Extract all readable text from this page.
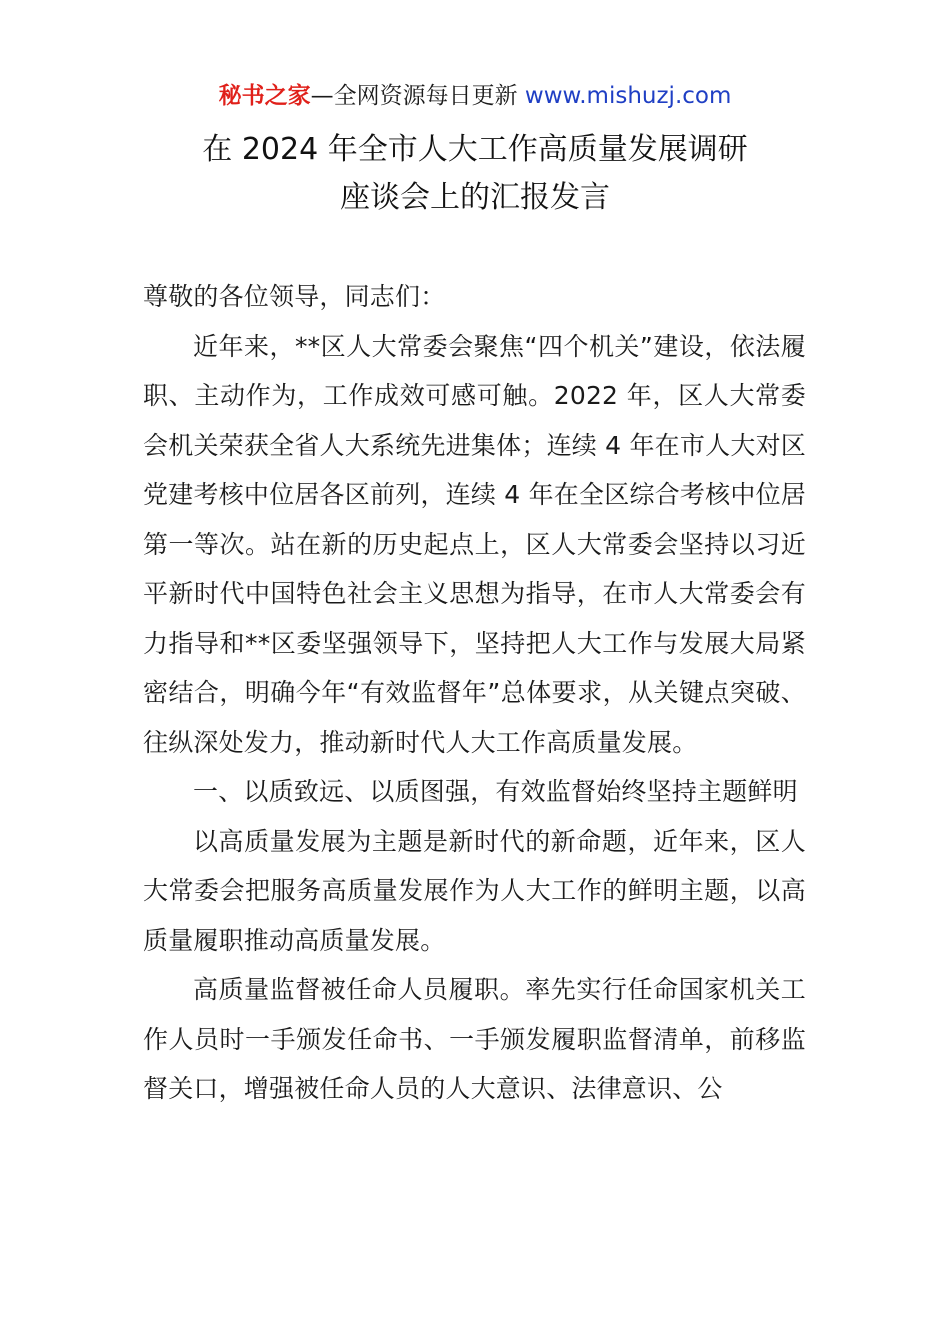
秘书之家—全网资源每日更新 www.mishuzj.com
在 2024 年全市人大工作高质量发展调研
座谈会上的汇报发言

尊敬的各位领导，同志们：

近年来，**区人大常委会聚焦“四个机关”建设，依法履职、主动作为，工作成效可感可触。2022 年，区人大常委会机关荣获全省人大系统先进集体；连续 4 年在市人大对区党建考核中位居各区前列，连续 4 年在全区综合考核中位居第一等次。站在新的历史起点上，区人大常委会坚持以习近平新时代中国特色社会主义思想为指导，在市人大常委会有力指导和**区委坚强领导下，坚持把人大工作与发展大局紧密结合，明确今年“有效监督年”总体要求，从关键点突破、往纵深处发力，推动新时代人大工作高质量发展。

一、以质致远、以质图强，有效监督始终坚持主题鲜明

以高质量发展为主题是新时代的新命题，近年来，区人大常委会把服务高质量发展作为人大工作的鲜明主题，以高质量履职推动高质量发展。

高质量监督被任命人员履职。率先实行任命国家机关工作人员时一手颁发任命书、一手颁发履职监督清单，前移监督关口，增强被任命人员的人大意识、法律意识、公
